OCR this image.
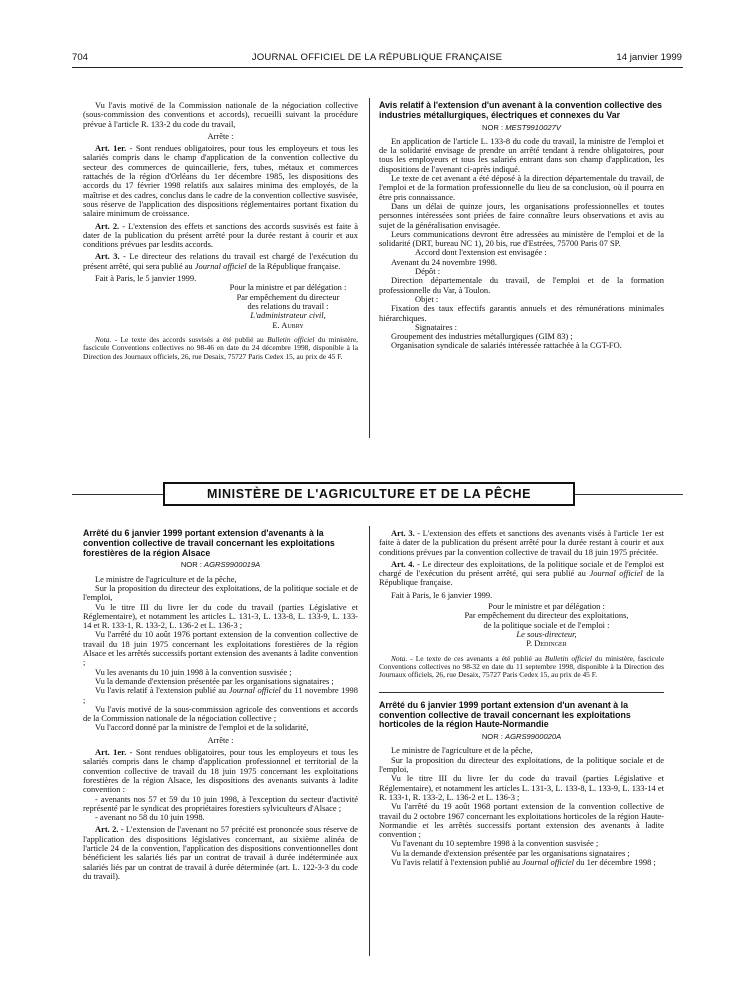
704	JOURNAL OFFICIEL DE LA RÉPUBLIQUE FRANÇAISE	14 janvier 1999

Vu l'avis motivé de la Commission nationale de la négociation collective (sous-commission des conventions et accords), recueilli suivant la procédure prévue à l'article R. 133-2 du code du travail,

Arrête :

Art. 1er. - Sont rendues obligatoires, pour tous les employeurs et tous les salariés compris dans le champ d'application de la convention collective du secteur des commerces de quincaillerie, fers, tubes, métaux et commerces rattachés de la région d'Orléans du 1er décembre 1985, les dispositions des accords du 17 février 1998 relatifs aux salaires minima des employés, de la maîtrise et des cadres, conclus dans le cadre de la convention collective susvisée, sous réserve de l'application des dispositions réglementaires portant fixation du salaire minimum de croissance.

Art. 2. - L'extension des effets et sanctions des accords susvisés est faite à dater de la publication du présent arrêté pour la durée restant à courir et aux conditions prévues par lesdits accords.

Art. 3. - Le directeur des relations du travail est chargé de l'exécution du présent arrêté, qui sera publié au Journal officiel de la République française.

Fait à Paris, le 5 janvier 1999.

Pour la ministre et par délégation :
Par empêchement du directeur
des relations du travail :
L'administrateur civil,
E. Aubry

Nota. - Le texte des accords susvisés a été publié au Bulletin officiel du ministère, fascicule Conventions collectives no 98-46 en date du 24 décembre 1998, disponible à la Direction des Journaux officiels, 26, rue Desaix, 75727 Paris Cedex 15, au prix de 45 F.

Avis relatif à l'extension d'un avenant à la convention collective des industries métallurgiques, électriques et connexes du Var
NOR : MEST9910027V

En application de l'article L. 133-8 du code du travail, la ministre de l'emploi et de la solidarité envisage de prendre un arrêté tendant à rendre obligatoires, pour tous les employeurs et tous les salariés entrant dans son champ d'application, les dispositions de l'avenant ci-après indiqué.

Le texte de cet avenant a été déposé à la direction départementale du travail, de l'emploi et de la formation professionnelle du lieu de sa conclusion, où il pourra en être pris connaissance.

Dans un délai de quinze jours, les organisations professionnelles et toutes personnes intéressées sont priées de faire connaître leurs observations et avis au sujet de la généralisation envisagée.

Leurs communications devront être adressées au ministère de l'emploi et de la solidarité (DRT, bureau NC 1), 20 bis, rue d'Estrées, 75700 Paris 07 SP.

Accord dont l'extension est envisagée :

Avenant du 24 novembre 1998.

Dépôt :

Direction départementale du travail, de l'emploi et de la formation professionnelle du Var, à Toulon.

Objet :

Fixation des taux effectifs garantis annuels et des rémunérations minimales hiérarchiques.

Signataires :

Groupement des industries métallurgiques (GIM 83) ;

Organisation syndicale de salariés intéressée rattachée à la CGT-FO.

MINISTÈRE DE L'AGRICULTURE ET DE LA PÊCHE
Arrêté du 6 janvier 1999 portant extension d'avenants à la convention collective de travail concernant les exploitations forestières de la région Alsace
NOR : AGRS9900019A

Le ministre de l'agriculture et de la pêche,

Sur la proposition du directeur des exploitations, de la politique sociale et de l'emploi,

Vu le titre III du livre Ier du code du travail (parties Législative et Réglementaire), et notamment les articles L. 131-3, L. 133-8, L. 133-9, L. 133-14 et R. 133-1, R. 133-2, L. 136-2 et L. 136-3 ;

Vu l'arrêté du 10 août 1976 portant extension de la convention collective de travail du 18 juin 1975 concernant les exploitations forestières de la région Alsace et les arrêtés successifs portant extension des avenants à ladite convention ;

Vu les avenants du 10 juin 1998 à la convention susvisée ;

Vu la demande d'extension présentée par les organisations signataires ;

Vu l'avis relatif à l'extension publié au Journal officiel du 11 novembre 1998 ;

Vu l'avis motivé de la sous-commission agricole des conventions et accords de la Commission nationale de la négociation collective ;

Vu l'accord donné par la ministre de l'emploi et de la solidarité,

Arrête :

Art. 1er. - Sont rendues obligatoires, pour tous les employeurs et tous les salariés compris dans le champ d'application professionnel et territorial de la convention collective de travail du 18 juin 1975 concernant les exploitations forestières de la région Alsace, les dispositions des avenants suivants à ladite convention :

- avenants nos 57 et 59 du 10 juin 1998, à l'exception du secteur d'activité représenté par le syndicat des propriétaires forestiers sylviculteurs d'Alsace ;

- avenant no 58 du 10 juin 1998.

Art. 2. - L'extension de l'avenant no 57 précité est prononcée sous réserve de l'application des dispositions législatives concernant, au sixième alinéa de l'article 24 de la convention, l'application des dispositions conventionnelles dont bénéficient les salariés liés par un contrat de travail à durée indéterminée aux salariés liés par un contrat de travail à durée déterminée (art. L. 122-3-3 du code du travail).

Art. 3. - L'extension des effets et sanctions des avenants visés à l'article 1er est faite à dater de la publication du présent arrêté pour la durée restant à courir et aux conditions prévues par la convention collective de travail du 18 juin 1975 précitée.

Art. 4. - Le directeur des exploitations, de la politique sociale et de l'emploi est chargé de l'exécution du présent arrêté, qui sera publié au Journal officiel de la République française.

Fait à Paris, le 6 janvier 1999.

Pour le ministre et par délégation :
Par empêchement du directeur des exploitations,
de la politique sociale et de l'emploi :
Le sous-directeur,
P. Dedinger

Nota. - Le texte de ces avenants a été publié au Bulletin officiel du ministère, fascicule Conventions collectives no 98-32 en date du 11 septembre 1998, disponible à la Direction des Journaux officiels, 26, rue Desaix, 75727 Paris Cedex 15, au prix de 45 F.

Arrêté du 6 janvier 1999 portant extension d'un avenant à la convention collective de travail concernant les exploitations horticoles de la région Haute-Normandie
NOR : AGRS9900020A

Le ministre de l'agriculture et de la pêche,

Sur la proposition du directeur des exploitations, de la politique sociale et de l'emploi,

Vu le titre III du livre Ier du code du travail (parties Législative et Réglementaire), et notamment les articles L. 131-3, L. 133-8, L. 133-9, L. 133-14 et R. 133-1, R. 133-2, L. 136-2 et L. 136-3 ;

Vu l'arrêté du 19 août 1968 portant extension de la convention collective de travail du 2 octobre 1967 concernant les exploitations horticoles de la région Haute-Normandie et les arrêtés successifs portant extension des avenants à ladite convention ;

Vu l'avenant du 10 septembre 1998 à la convention susvisée ;

Vu la demande d'extension présentée par les organisations signataires ;

Vu l'avis relatif à l'extension publié au Journal officiel du 1er décembre 1998 ;
